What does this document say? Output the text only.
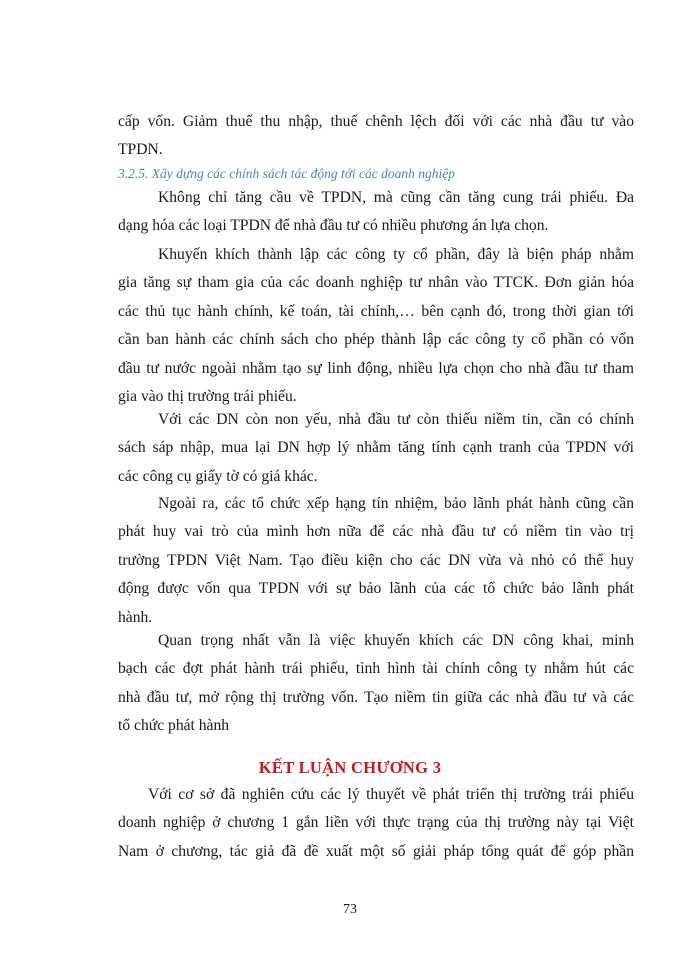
cấp vốn. Giảm thuế thu nhập, thuế chênh lệch đối với các nhà đầu tư vào
TPDN.

3.2.5. Xây dựng các chính sách tác động tới các doanh nghiệp

Không chỉ tăng cầu về TPDN, mà cũng cần tăng cung trái phiếu. Đa
dạng hóa các loại TPDN để nhà đầu tư có nhiều phương án lựa chọn.
Khuyến khích thành lập các công ty cổ phần, đây là biện pháp nhằm
gia tăng sự tham gia của các doanh nghiệp tư nhân vào TTCK. Đơn giản hóa
các thủ tục hành chính, kế toán, tài chính,… bên cạnh đó, trong thời gian tới
cần ban hành các chính sách cho phép thành lập các công ty cổ phần có vốn
đầu tư nước ngoài nhằm tạo sự linh động, nhiều lựa chọn cho nhà đầu tư tham
gia vào thị trường trái phiếu.
Với các DN còn non yếu, nhà đầu tư còn thiếu niềm tin, cần có chính
sách sáp nhập, mua lại DN hợp lý nhằm tăng tính cạnh tranh của TPDN với
các công cụ giấy tờ có giá khác.
Ngoài ra, các tổ chức xếp hạng tín nhiệm, bảo lãnh phát hành cũng cần
phát huy vai trò của mình hơn nữa để các nhà đầu tư có niềm tin vào trị
trường TPDN Việt Nam. Tạo điều kiện cho các DN vừa và nhỏ có thể huy
động được vốn qua TPDN với sự bảo lãnh của các tổ chức bảo lãnh phát
hành.
Quan trọng nhất vẫn là việc khuyến khích các DN công khai, minh
bạch các đợt phát hành trái phiếu, tình hình tài chính công ty nhằm hút các
nhà đầu tư, mở rộng thị trường vốn. Tạo niềm tin giữa các nhà đầu tư và các
tổ chức phát hành
KẾT LUẬN CHƯƠNG 3
Với cơ sở đã nghiên cứu các lý thuyết về phát triển thị trường trái phiếu
doanh nghiệp ở chương 1 gắn liền với thực trạng của thị trường này tại Việt
Nam ở chương, tác giả đã đề xuất một số giải pháp tổng quát để góp phần

73
